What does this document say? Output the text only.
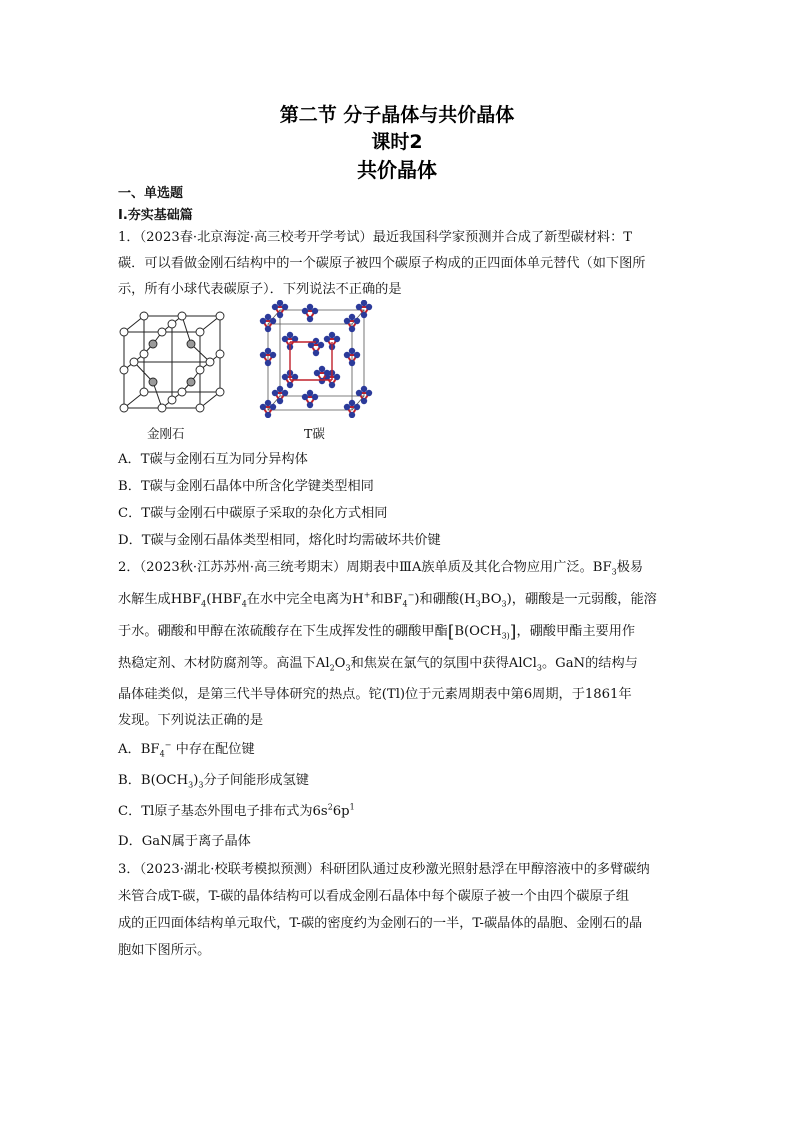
第二节 分子晶体与共价晶体
课时2
共价晶体
一、单选题
Ⅰ.夯实基础篇
1．（2023春·北京海淀·高三校考开学考试）最近我国科学家预测并合成了新型碳材料：T
碳．可以看做金刚石结构中的一个碳原子被四个碳原子构成的正四面体单元替代（如下图所
示，所有小球代表碳原子）．下列说法不正确的是
金刚石	T碳
A．T碳与金刚石互为同分异构体
B．T碳与金刚石晶体中所含化学键类型相同
C．T碳与金刚石中碳原子采取的杂化方式相同
D．T碳与金刚石晶体类型相同，熔化时均需破坏共价键
2．（2023秋·江苏苏州·高三统考期末）周期表中ⅢA族单质及其化合物应用广泛。$BF_3$极易
水解生成$HBF_4(HBF_4$在水中完全电离为H+和$BF_4^-$)和硼酸$(H_3BO_3)$，硼酸是一元弱酸，能溶
于水。硼酸和甲醇在浓硫酸存在下生成挥发性的硼酸甲酯[$B(OCH_{3)}]$，硼酸甲酯主要用作
热稳定剂、木材防腐剂等。高温下$Al_2O_3$和焦炭在氯气的氛围中获得AlCl$_3$。GaN的结构与
晶体硅类似，是第三代半导体研究的热点。铊(Tl)位于元素周期表中第6周期，于1861年
发现。下列说法正确的是
A．$BF_4^-$ 中存在配位键
B．$B(OCH_3)_3$分子间能形成氢键
C．Tl原子基态外围电子排布式为$6s^26p^1$
D．GaN属于离子晶体
3．（2023·湖北·校联考模拟预测）科研团队通过皮秒激光照射悬浮在甲醇溶液中的多臂碳纳
米管合成T-碳，T-碳的晶体结构可以看成金刚石晶体中每个碳原子被一个由四个碳原子组
成的正四面体结构单元取代，T-碳的密度约为金刚石的一半，T-碳晶体的晶胞、金刚石的晶
胞如下图所示。
